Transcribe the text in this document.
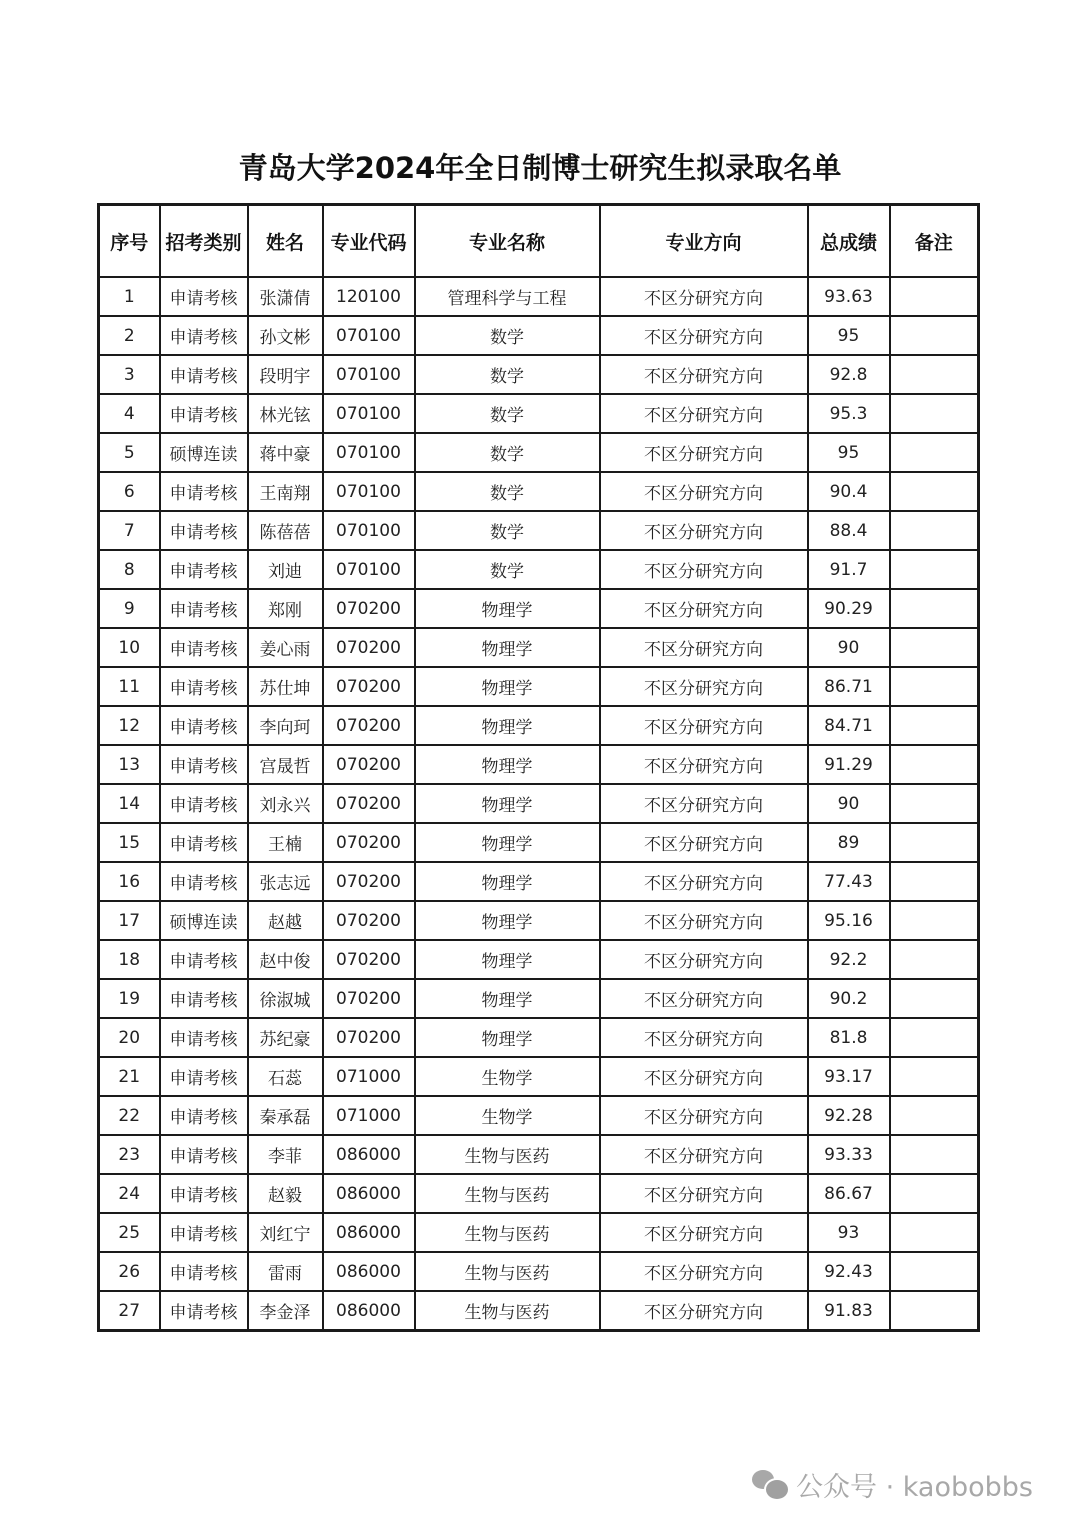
青岛大学2024年全日制博士研究生拟录取名单
序号	招考类别	姓名	专业代码	专业名称	专业方向	总成绩	备注
1	申请考核	张潇倩	120100	管理科学与工程	不区分研究方向	93.63	
2	申请考核	孙文彬	070100	数学	不区分研究方向	95	
3	申请考核	段明宇	070100	数学	不区分研究方向	92.8	
4	申请考核	林光铉	070100	数学	不区分研究方向	95.3	
5	硕博连读	蒋中豪	070100	数学	不区分研究方向	95	
6	申请考核	王南翔	070100	数学	不区分研究方向	90.4	
7	申请考核	陈蓓蓓	070100	数学	不区分研究方向	88.4	
8	申请考核	刘迪	070100	数学	不区分研究方向	91.7	
9	申请考核	郑刚	070200	物理学	不区分研究方向	90.29	
10	申请考核	姜心雨	070200	物理学	不区分研究方向	90	
11	申请考核	苏仕坤	070200	物理学	不区分研究方向	86.71	
12	申请考核	李向珂	070200	物理学	不区分研究方向	84.71	
13	申请考核	宫晟哲	070200	物理学	不区分研究方向	91.29	
14	申请考核	刘永兴	070200	物理学	不区分研究方向	90	
15	申请考核	王楠	070200	物理学	不区分研究方向	89	
16	申请考核	张志远	070200	物理学	不区分研究方向	77.43	
17	硕博连读	赵越	070200	物理学	不区分研究方向	95.16	
18	申请考核	赵中俊	070200	物理学	不区分研究方向	92.2	
19	申请考核	徐淑城	070200	物理学	不区分研究方向	90.2	
20	申请考核	苏纪豪	070200	物理学	不区分研究方向	81.8	
21	申请考核	石蕊	071000	生物学	不区分研究方向	93.17	
22	申请考核	秦承磊	071000	生物学	不区分研究方向	92.28	
23	申请考核	李菲	086000	生物与医药	不区分研究方向	93.33	
24	申请考核	赵毅	086000	生物与医药	不区分研究方向	86.67	
25	申请考核	刘红宁	086000	生物与医药	不区分研究方向	93	
26	申请考核	雷雨	086000	生物与医药	不区分研究方向	92.43	
27	申请考核	李金泽	086000	生物与医药	不区分研究方向	91.83	
公众号 · kaobobbs
